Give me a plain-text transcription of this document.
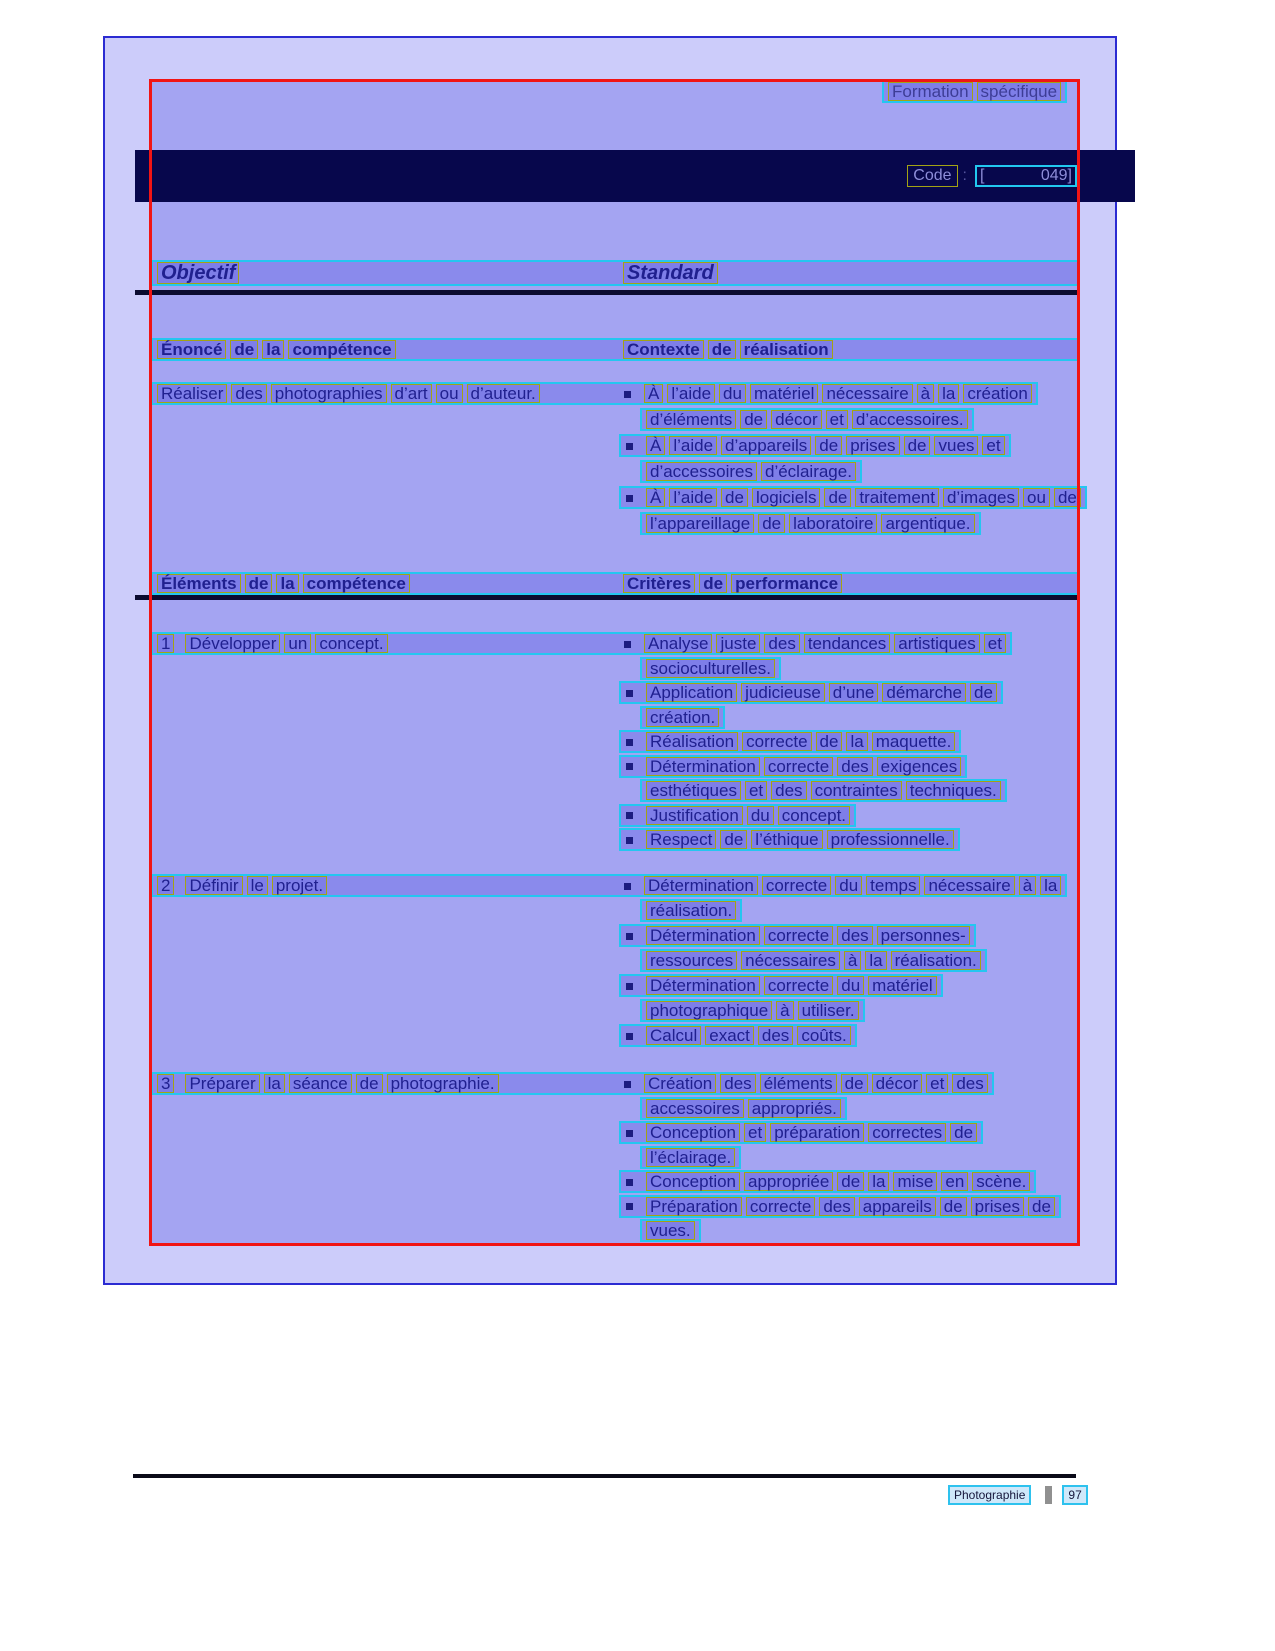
Formation spécifique
Objectif	Standard
Énoncé de la compétence	Contexte de réalisation
Réaliser des photographies d’art ou d’auteur.	À l’aide du matériel nécessaire à la création
d’éléments de décor et d’accessoires.
À l’aide d’appareils de prises de vues et
d’accessoires d’éclairage.
À l’aide de logiciels de traitement d’images ou de
l’appareillage de laboratoire argentique.
Éléments de la compétence	Critères de performance
1 Développer un concept.	Analyse juste des tendances artistiques et
socioculturelles.
Application judicieuse d’une démarche de
création.
Réalisation correcte de la maquette.
Détermination correcte des exigences
esthétiques et des contraintes techniques.
Justification du concept.
Respect de l’éthique professionnelle.
2 Définir le projet.	Détermination correcte du temps nécessaire à la
réalisation.
Détermination correcte des personnes-
ressources nécessaires à la réalisation.
Détermination correcte du matériel
photographique à utiliser.
Calcul exact des coûts.
3 Préparer la séance de photographie.	Création des éléments de décor et des
accessoires appropriés.
Conception et préparation correctes de
l’éclairage.
Conception appropriée de la mise en scène.
Préparation correcte des appareils de prises de
vues.
Code : [	049]
Photographie	97
